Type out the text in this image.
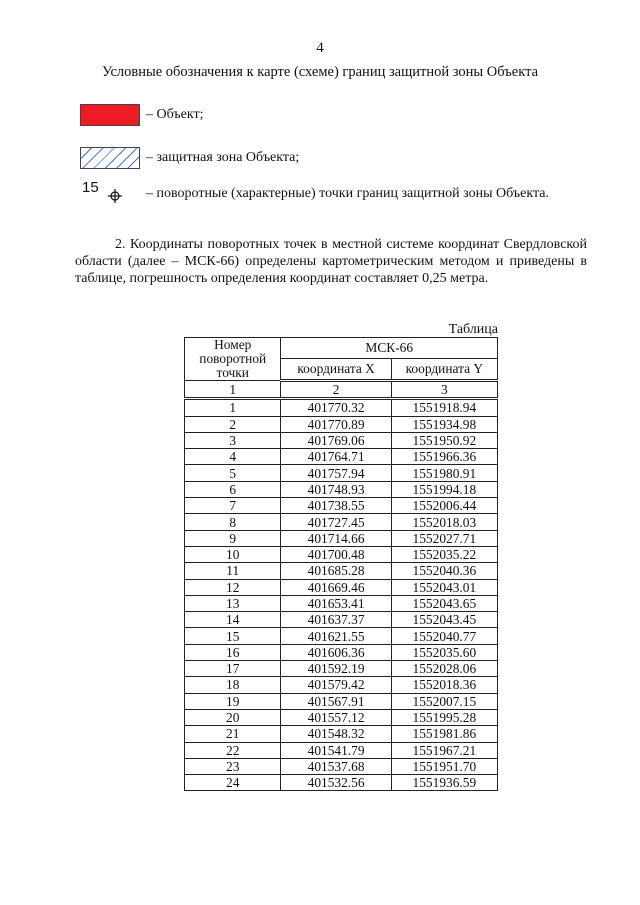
4
Условные обозначения к карте (схеме) границ защитной зоны Объекта
– Объект;
– защитная зона Объекта;
15	– поворотные (характерные) точки границ защитной зоны Объекта.
2. Координаты поворотных точек в местной системе координат Свердловской области (далее – МСК-66) определены картометрическим методом и приведены в таблице, погрешность определения координат составляет 0,25 метра.
Таблица
Номер поворотной точки	МСК-66	
	координата X	координата Y
1	2	3
1	401770.32	1551918.94
2	401770.89	1551934.98
3	401769.06	1551950.92
4	401764.71	1551966.36
5	401757.94	1551980.91
6	401748.93	1551994.18
7	401738.55	1552006.44
8	401727.45	1552018.03
9	401714.66	1552027.71
10	401700.48	1552035.22
11	401685.28	1552040.36
12	401669.46	1552043.01
13	401653.41	1552043.65
14	401637.37	1552043.45
15	401621.55	1552040.77
16	401606.36	1552035.60
17	401592.19	1552028.06
18	401579.42	1552018.36
19	401567.91	1552007.15
20	401557.12	1551995.28
21	401548.32	1551981.86
22	401541.79	1551967.21
23	401537.68	1551951.70
24	401532.56	1551936.59
